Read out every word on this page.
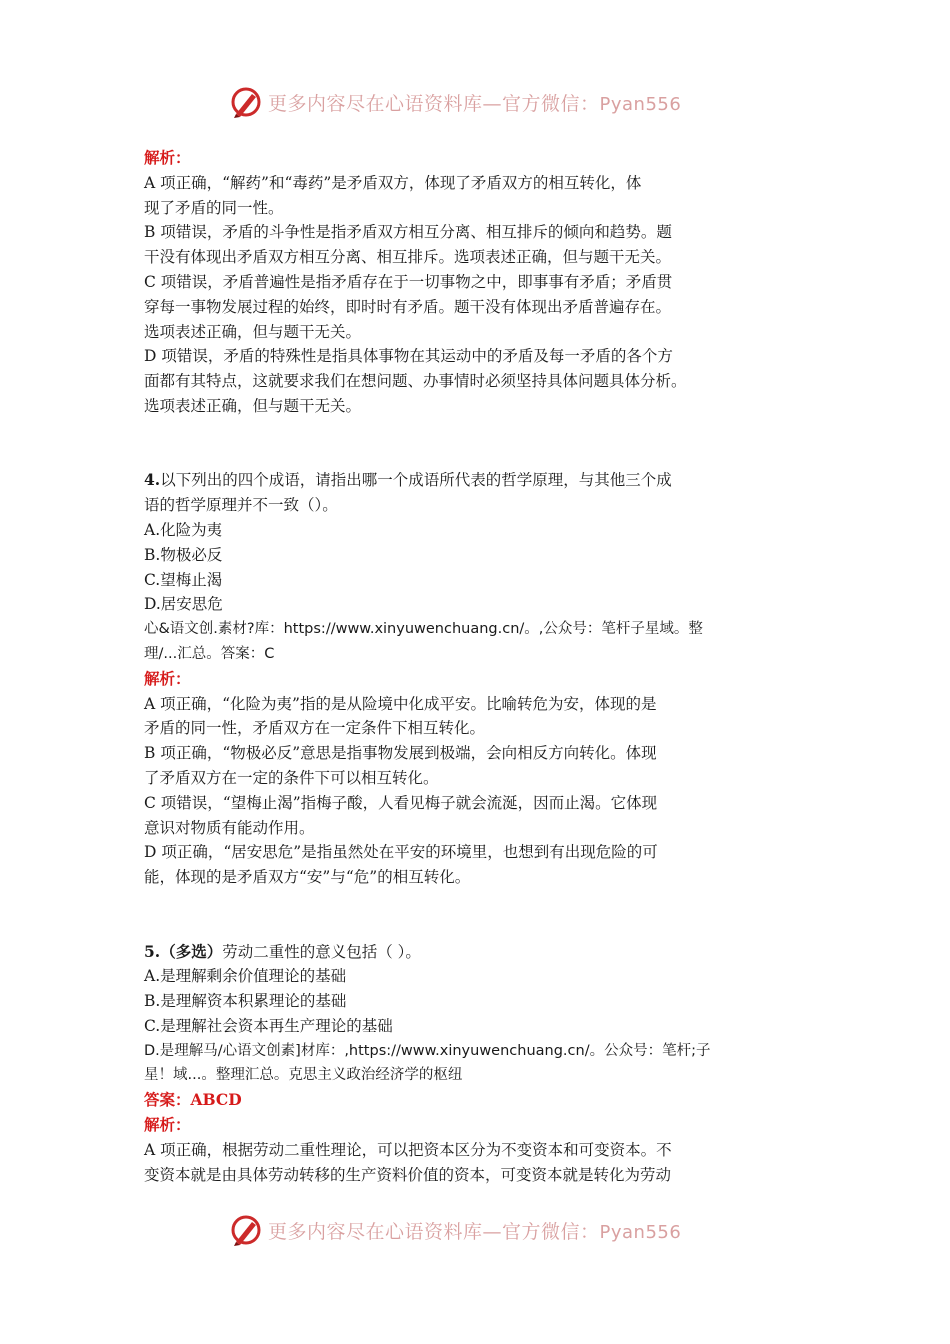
更多内容尽在心语资料库—官方微信：Pyan556
解析：
A 项正确，“解药”和“毒药”是矛盾双方，体现了矛盾双方的相互转化，体
现了矛盾的同一性。
B 项错误，矛盾的斗争性是指矛盾双方相互分离、相互排斥的倾向和趋势。题
干没有体现出矛盾双方相互分离、相互排斥。选项表述正确，但与题干无关。
C 项错误，矛盾普遍性是指矛盾存在于一切事物之中，即事事有矛盾；矛盾贯
穿每一事物发展过程的始终，即时时有矛盾。题干没有体现出矛盾普遍存在。
选项表述正确，但与题干无关。
D 项错误，矛盾的特殊性是指具体事物在其运动中的矛盾及每一矛盾的各个方
面都有其特点，这就要求我们在想问题、办事情时必须坚持具体问题具体分析。
选项表述正确，但与题干无关。
4.以下列出的四个成语，请指出哪一个成语所代表的哲学原理，与其他三个成
语的哲学原理并不一致（）。
A.化险为夷
B.物极必反
C.望梅止渴
D.居安思危
心&语文创.素材?库：https://www.xinyuwenchuang.cn/。,公众号：笔杆子星域。整
理/...汇总。答案：C
解析：
A 项正确，“化险为夷”指的是从险境中化成平安。比喻转危为安，体现的是
矛盾的同一性，矛盾双方在一定条件下相互转化。
B 项正确，“物极必反”意思是指事物发展到极端，会向相反方向转化。体现
了矛盾双方在一定的条件下可以相互转化。
C 项错误，“望梅止渴”指梅子酸，人看见梅子就会流涎，因而止渴。它体现
意识对物质有能动作用。
D 项正确，“居安思危”是指虽然处在平安的环境里，也想到有出现危险的可
能，体现的是矛盾双方“安”与“危”的相互转化。
5.（多选）劳动二重性的意义包括（ ）。
A.是理解剩余价值理论的基础
B.是理解资本积累理论的基础
C.是理解社会资本再生产理论的基础
D.是理解马/心语文创素]材库：,https://www.xinyuwenchuang.cn/。公众号：笔杆;子
星！域...。整理汇总。克思主义政治经济学的枢纽
答案：ABCD
解析：
A 项正确，根据劳动二重性理论，可以把资本区分为不变资本和可变资本。不
变资本就是由具体劳动转移的生产资料价值的资本，可变资本就是转化为劳动
更多内容尽在心语资料库—官方微信：Pyan556
